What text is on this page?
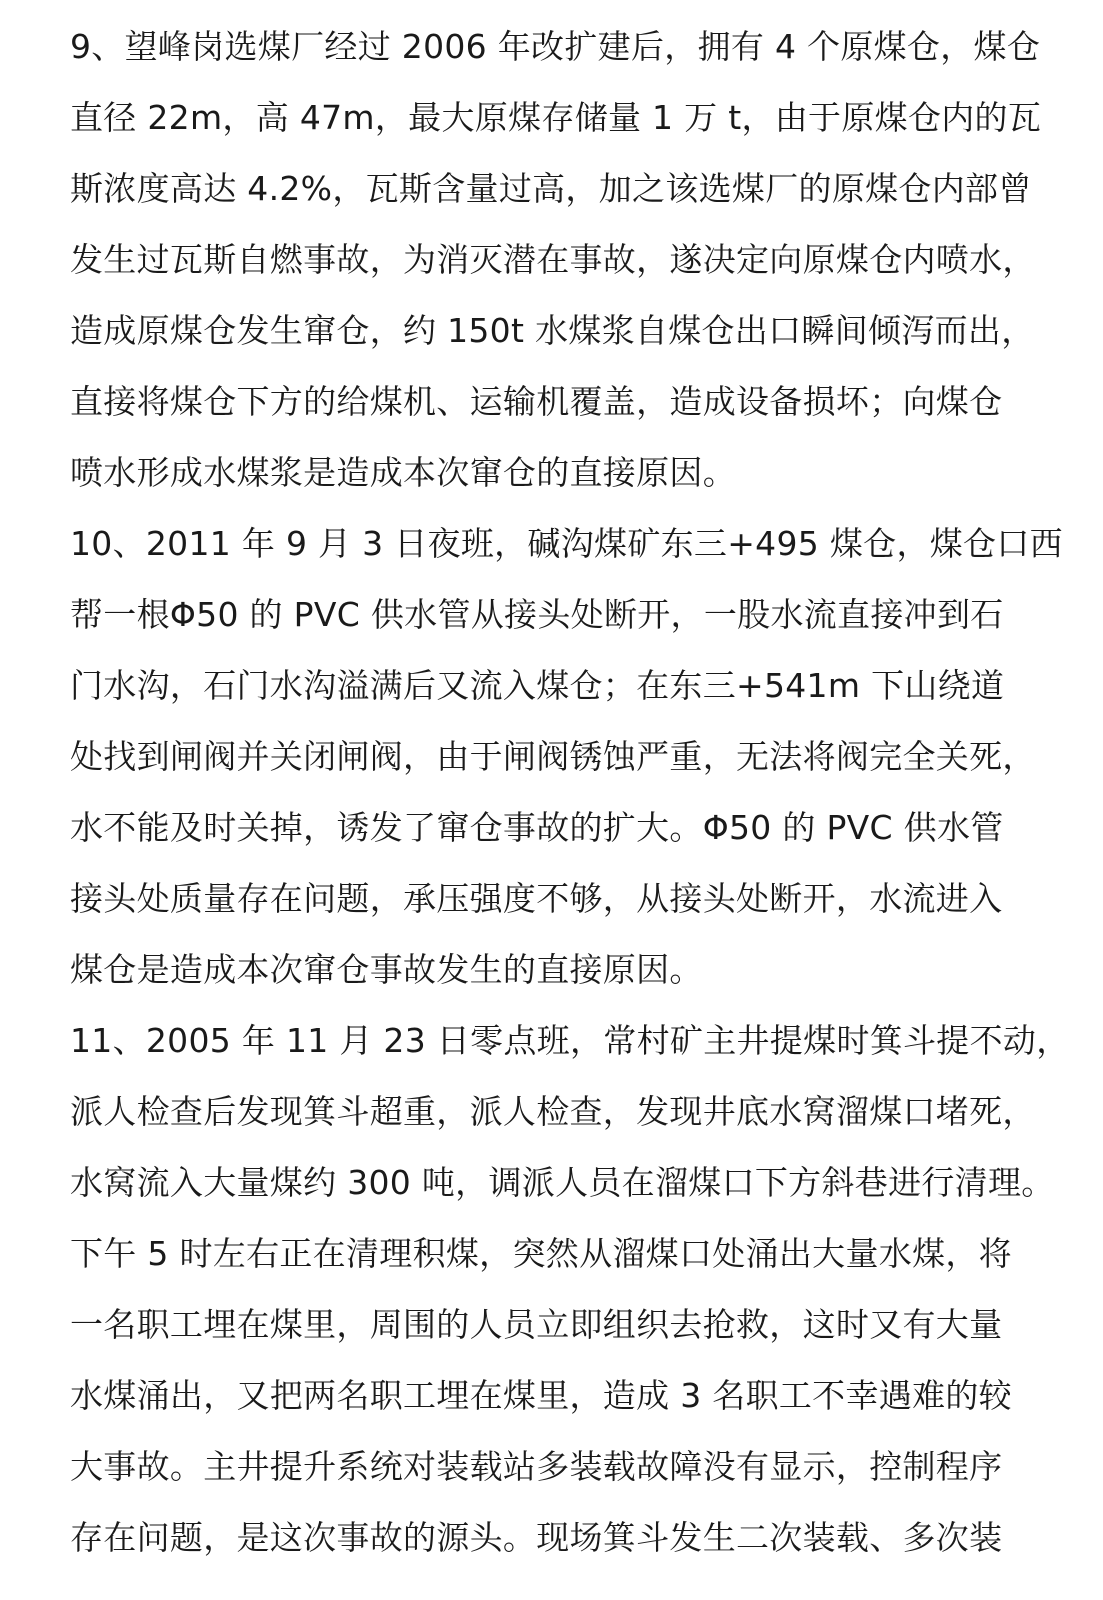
9、望峰岗选煤厂经过 2006 年改扩建后，拥有 4 个原煤仓，煤仓
直径 22m，高 47m，最大原煤存储量 1 万 t，由于原煤仓内的瓦
斯浓度高达 4.2%，瓦斯含量过高，加之该选煤厂的原煤仓内部曾
发生过瓦斯自燃事故，为消灭潜在事故，遂决定向原煤仓内喷水，
造成原煤仓发生窜仓，约 150t 水煤浆自煤仓出口瞬间倾泻而出，
直接将煤仓下方的给煤机、运输机覆盖，造成设备损坏；向煤仓
喷水形成水煤浆是造成本次窜仓的直接原因。
10、2011 年 9 月 3 日夜班，碱沟煤矿东三+495 煤仓，煤仓口西
帮一根Φ50 的 PVC 供水管从接头处断开，一股水流直接冲到石
门水沟，石门水沟溢满后又流入煤仓；在东三+541m 下山绕道
处找到闸阀并关闭闸阀，由于闸阀锈蚀严重，无法将阀完全关死，
水不能及时关掉，诱发了窜仓事故的扩大。Φ50 的 PVC 供水管
接头处质量存在问题，承压强度不够，从接头处断开，水流进入
煤仓是造成本次窜仓事故发生的直接原因。
11、2005 年 11 月 23 日零点班，常村矿主井提煤时箕斗提不动，
派人检查后发现箕斗超重，派人检查，发现井底水窝溜煤口堵死，
水窝流入大量煤约 300 吨，调派人员在溜煤口下方斜巷进行清理。
下午 5 时左右正在清理积煤，突然从溜煤口处涌出大量水煤，将
一名职工埋在煤里，周围的人员立即组织去抢救，这时又有大量
水煤涌出，又把两名职工埋在煤里，造成 3 名职工不幸遇难的较
大事故。主井提升系统对装载站多装载故障没有显示，控制程序
存在问题，是这次事故的源头。现场箕斗发生二次装载、多次装
